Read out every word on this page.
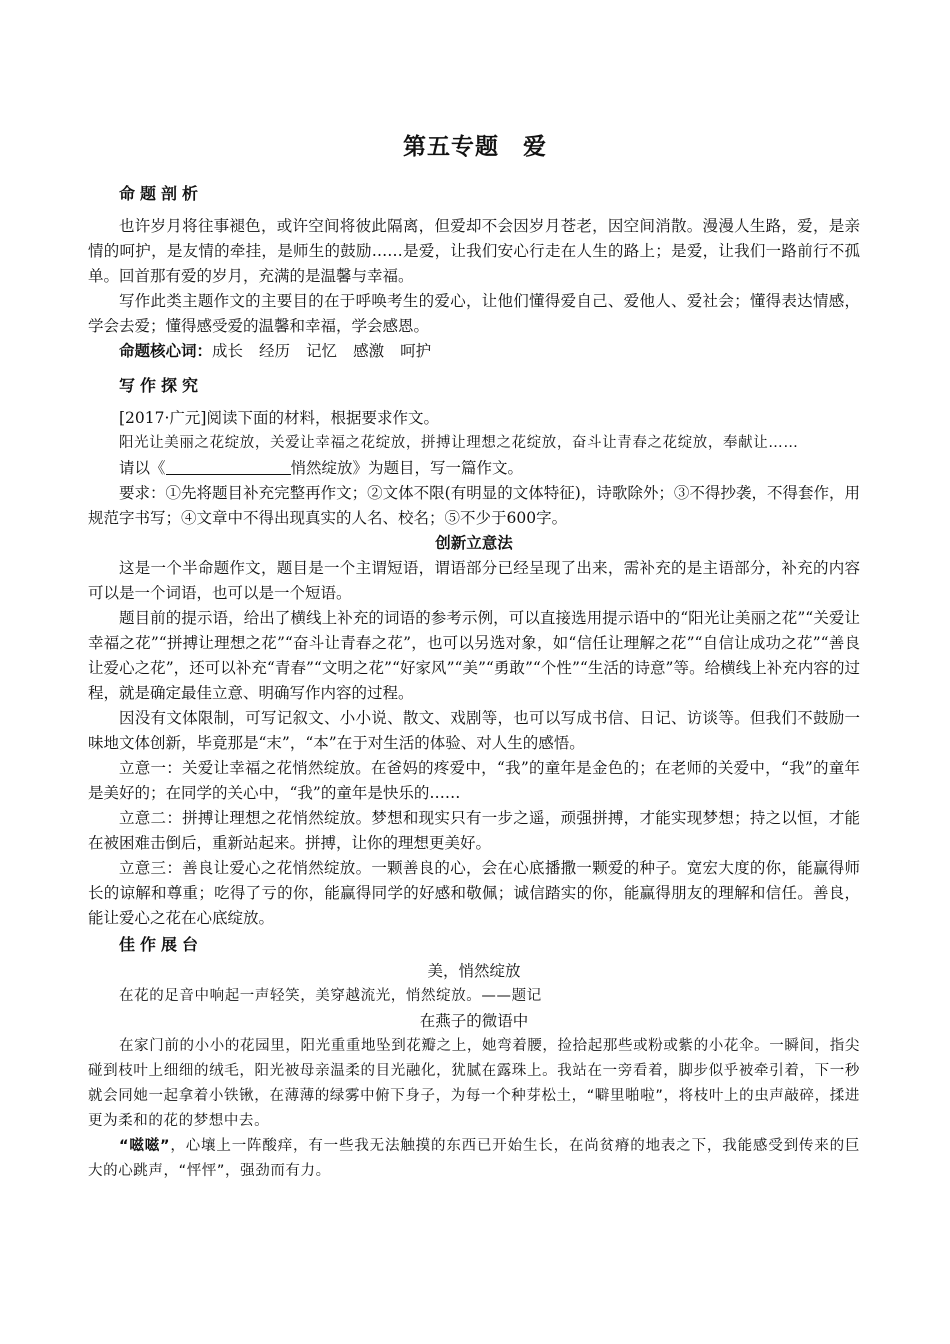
第五专题　爱

命题剖析

也许岁月将往事褪色，或许空间将彼此隔离，但爱却不会因岁月苍老，因空间消散。漫漫人生路，爱，是亲情的呵护，是友情的牵挂，是师生的鼓励……是爱，让我们安心行走在人生的路上；是爱，让我们一路前行不孤单。回首那有爱的岁月，充满的是温馨与幸福。

写作此类主题作文的主要目的在于呼唤考生的爱心，让他们懂得爱自己、爱他人、爱社会；懂得表达情感，学会去爱；懂得感受爱的温馨和幸福，学会感恩。

命题核心词：成长 经历 记忆 感激 呵护

写作探究

[2017·广元]阅读下面的材料，根据要求作文。

阳光让美丽之花绽放，关爱让幸福之花绽放，拼搏让理想之花绽放，奋斗让青春之花绽放，奉献让……

请以《	悄然绽放》为题目，写一篇作文。

要求：①先将题目补充完整再作文；②文体不限(有明显的文体特征)，诗歌除外；③不得抄袭，不得套作，用规范字书写；④文章中不得出现真实的人名、校名；⑤不少于600字。

创新立意法

这是一个半命题作文，题目是一个主谓短语，谓语部分已经呈现了出来，需补充的是主语部分，补充的内容可以是一个词语，也可以是一个短语。

题目前的提示语，给出了横线上补充的词语的参考示例，可以直接选用提示语中的“阳光让美丽之花”“关爱让幸福之花”“拼搏让理想之花”“奋斗让青春之花”，也可以另选对象，如“信任让理解之花”“自信让成功之花”“善良让爱心之花”，还可以补充“青春”“文明之花”“好家风”“美”“勇敢”“个性”“生活的诗意”等。给横线上补充内容的过程，就是确定最佳立意、明确写作内容的过程。

因没有文体限制，可写记叙文、小小说、散文、戏剧等，也可以写成书信、日记、访谈等。但我们不鼓励一味地文体创新，毕竟那是“末”，“本”在于对生活的体验、对人生的感悟。

立意一：关爱让幸福之花悄然绽放。在爸妈的疼爱中，“我”的童年是金色的；在老师的关爱中，“我”的童年是美好的；在同学的关心中，“我”的童年是快乐的……

立意二：拼搏让理想之花悄然绽放。梦想和现实只有一步之遥，顽强拼搏，才能实现梦想；持之以恒，才能在被困难击倒后，重新站起来。拼搏，让你的理想更美好。

立意三：善良让爱心之花悄然绽放。一颗善良的心，会在心底播撒一颗爱的种子。宽宏大度的你，能赢得师长的谅解和尊重；吃得了亏的你，能赢得同学的好感和敬佩；诚信踏实的你，能赢得朋友的理解和信任。善良，能让爱心之花在心底绽放。

佳作展台

美，悄然绽放

在花的足音中响起一声轻笑，美穿越流光，悄然绽放。——题记

在燕子的微语中

在家门前的小小的花园里，阳光重重地坠到花瓣之上，她弯着腰，捡拾起那些或粉或紫的小花伞。一瞬间，指尖碰到枝叶上细细的绒毛，阳光被母亲温柔的目光融化，犹腻在露珠上。我站在一旁看着，脚步似乎被牵引着，下一秒就会同她一起拿着小铁锹，在薄薄的绿雾中俯下身子，为每一个种芽松土，“噼里啪啦”，将枝叶上的虫声敲碎，揉进更为柔和的花的梦想中去。

“嗞嗞”，心壤上一阵酸痒，有一些我无法触摸的东西已开始生长，在尚贫瘠的地表之下，我能感受到传来的巨大的心跳声，“怦怦”，强劲而有力。
